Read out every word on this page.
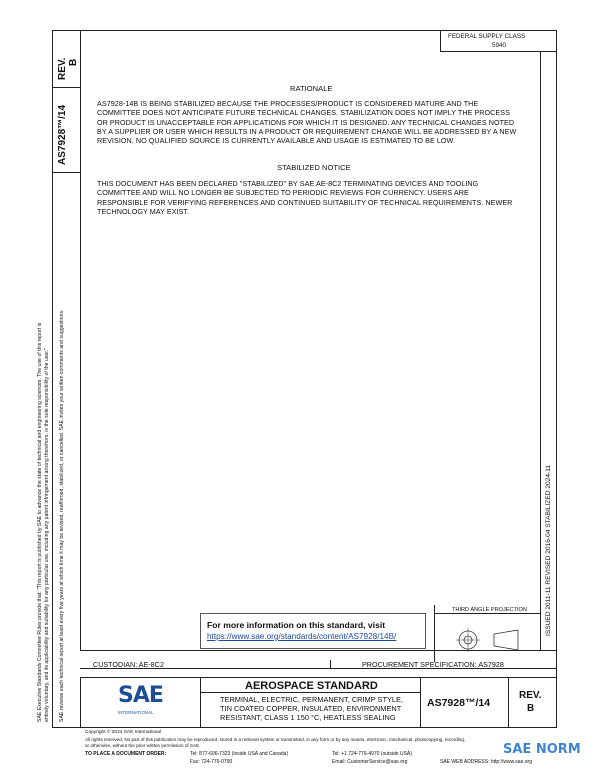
REV. B
AS7928™/14
FEDERAL SUPPLY CLASS
5940
ISSUED 2011-11 REVISED 2016-04 STABILIZED 2024-11
RATIONALE
AS7928-14B IS BEING STABILIZED BECAUSE THE PROCESSES/PRODUCT IS CONSIDERED MATURE AND THE COMMITTEE DOES NOT ANTICIPATE FUTURE TECHNICAL CHANGES. STABILIZATION DOES NOT IMPLY THE PROCESS OR PRODUCT IS UNACCEPTABLE FOR APPLICATIONS FOR WHICH IT IS DESIGNED. ANY TECHNICAL CHANGES NOTED BY A SUPPLIER OR USER WHICH RESULTS IN A PRODUCT OR REQUIREMENT CHANGE WILL BE ADDRESSED BY A NEW REVISION. NO QUALIFIED SOURCE IS CURRENTLY AVAILABLE AND USAGE IS ESTIMATED TO BE LOW.
STABILIZED NOTICE
THIS DOCUMENT HAS BEEN DECLARED "STABILIZED" BY SAE AE-8C2 TERMINATING DEVICES AND TOOLING COMMITTEE AND WILL NO LONGER BE SUBJECTED TO PERIODIC REVIEWS FOR CURRENCY. USERS ARE RESPONSIBLE FOR VERIFYING REFERENCES AND CONTINUED SUITABILITY OF TECHNICAL REQUIREMENTS. NEWER TECHNOLOGY MAY EXIST.
SAE Executive Standards Committee Rules provide that: "This report is published by SAE to advance the state of technical and engineering sciences. The use of this report is entirely voluntary, and its applicability and suitability for any particular use, including any patent infringement arising therefrom, is the sole responsibility of the user." SAE reviews each technical report at least every five years at which time it may be revised, reaffirmed, stabilized, or cancelled. SAE invites your written comments and suggestions.	For more information on this standard, visit
https://www.sae.org/standards/content/AS7928/14B/
THIRD ANGLE PROJECTION
CUSTODIAN: AE-8C2	PROCUREMENT SPECIFICATION: AS7928
SAE
INTERNATIONAL
AEROSPACE STANDARD
TERMINAL, ELECTRIC, PERMANENT, CRIMP STYLE,
TIN COATED COPPER, INSULATED, ENVIRONMENT
RESISTANT, CLASS 1 150 °C, HEATLESS SEALING
AS7928™/14
REV.
B
Copyright © 2024 SAE International
All rights reserved. No part of this publication may be reproduced, stored in a retrieval system or transmitted, in any form or by any means, electronic, mechanical, photocopying, recording,
or otherwise, without the prior written permission of SAE.
TO PLACE A DOCUMENT ORDER:	Tel: 877-606-7323 (inside USA and Canada)	Tel: +1 724-776-4970 (outside USA)
Fax: 724-776-0790	Email: CustomerService@sae.org	SAE WEB ADDRESS: http://www.sae.org
SAE NORM
